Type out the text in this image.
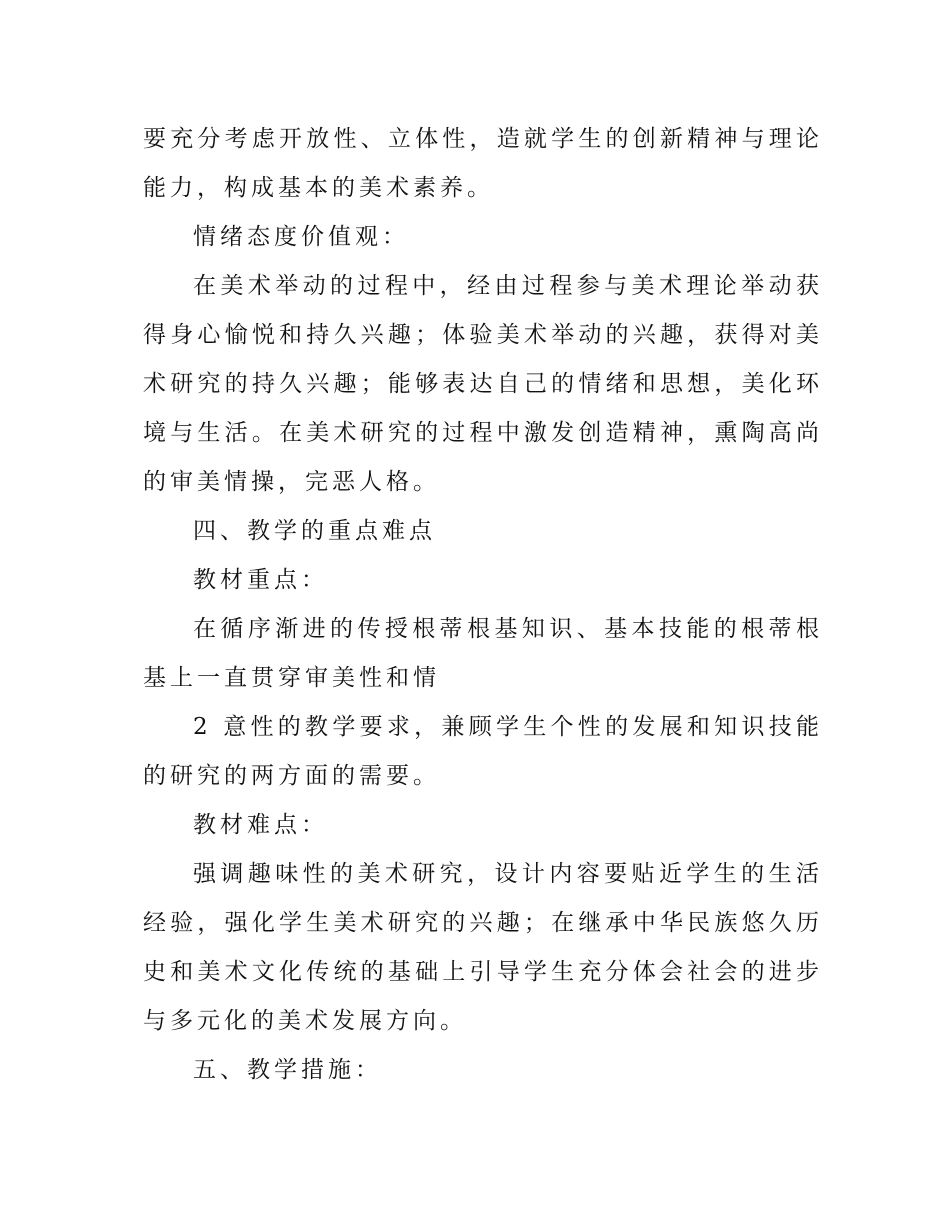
要充分考虑开放性、立体性，造就学生的创新精神与理论能力，构成基本的美术素养。

情绪态度价值观：

在美术举动的过程中，经由过程参与美术理论举动获得身心愉悦和持久兴趣；体验美术举动的兴趣，获得对美术研究的持久兴趣；能够表达自己的情绪和思想，美化环境与生活。在美术研究的过程中激发创造精神，熏陶高尚的审美情操，完恶人格。

四、教学的重点难点

教材重点：

在循序渐进的传授根蒂根基知识、基本技能的根蒂根基上一直贯穿审美性和情

2 意性的教学要求，兼顾学生个性的发展和知识技能的研究的两方面的需要。

教材难点：

强调趣味性的美术研究，设计内容要贴近学生的生活经验，强化学生美术研究的兴趣；在继承中华民族悠久历史和美术文化传统的基础上引导学生充分体会社会的进步与多元化的美术发展方向。

五、教学措施：
